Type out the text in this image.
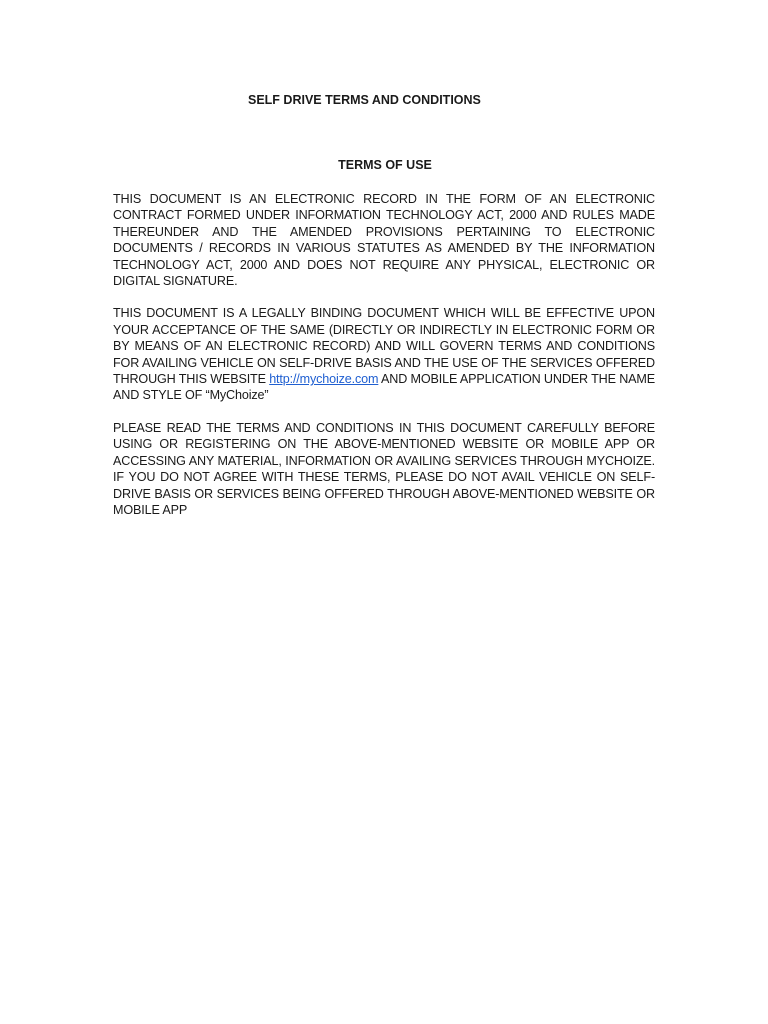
SELF DRIVE TERMS AND CONDITIONS
TERMS OF USE

THIS DOCUMENT IS AN ELECTRONIC RECORD IN THE FORM OF AN ELECTRONIC CONTRACT FORMED UNDER INFORMATION TECHNOLOGY ACT, 2000 AND RULES MADE THEREUNDER AND THE AMENDED PROVISIONS PERTAINING TO ELECTRONIC DOCUMENTS / RECORDS IN VARIOUS STATUTES AS AMENDED BY THE INFORMATION TECHNOLOGY ACT, 2000 AND DOES NOT REQUIRE ANY PHYSICAL, ELECTRONIC OR DIGITAL SIGNATURE.

THIS DOCUMENT IS A LEGALLY BINDING DOCUMENT WHICH WILL BE EFFECTIVE UPON YOUR ACCEPTANCE OF THE SAME (DIRECTLY OR INDIRECTLY IN ELECTRONIC FORM OR BY MEANS OF AN ELECTRONIC RECORD) AND WILL GOVERN TERMS AND CONDITIONS FOR AVAILING VEHICLE ON SELF-DRIVE BASIS AND THE USE OF THE SERVICES OFFERED THROUGH THIS WEBSITE http://mychoize.com AND MOBILE APPLICATION UNDER THE NAME AND STYLE OF “MyChoize”

PLEASE READ THE TERMS AND CONDITIONS IN THIS DOCUMENT CAREFULLY BEFORE USING OR REGISTERING ON THE ABOVE-MENTIONED WEBSITE OR MOBILE APP OR ACCESSING ANY MATERIAL, INFORMATION OR AVAILING SERVICES THROUGH MYCHOIZE. IF YOU DO NOT AGREE WITH THESE TERMS, PLEASE DO NOT AVAIL VEHICLE ON SELF-DRIVE BASIS OR SERVICES BEING OFFERED THROUGH ABOVE-MENTIONED WEBSITE OR MOBILE APP
